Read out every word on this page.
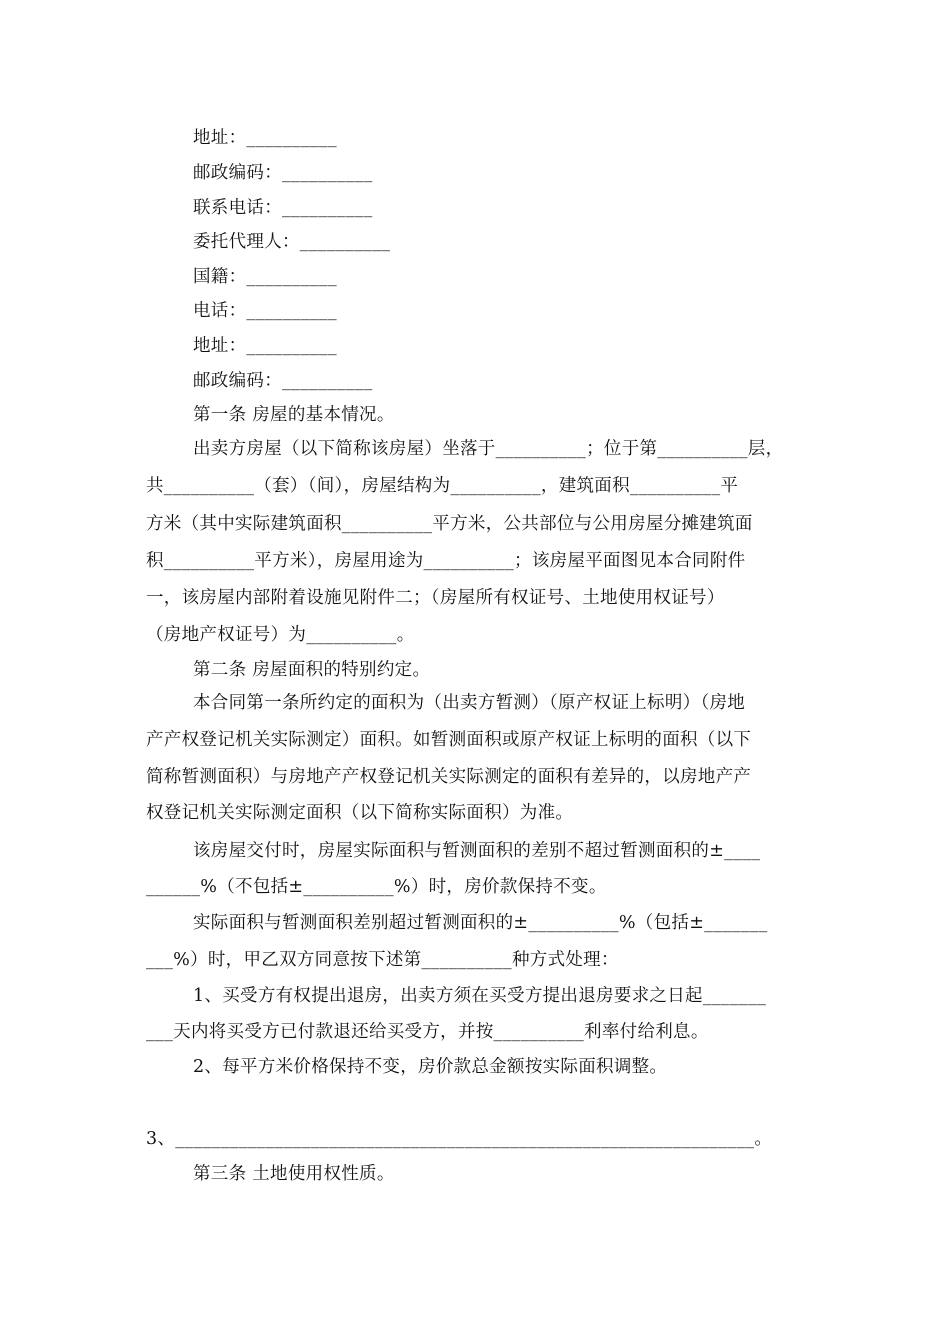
地址：__________
邮政编码：__________
联系电话：__________
委托代理人：__________
国籍：__________
电话：__________
地址：__________
邮政编码：__________
第一条 房屋的基本情况。
出卖方房屋（以下简称该房屋）坐落于__________；位于第__________层，
共__________（套）（间），房屋结构为__________，建筑面积__________平
方米（其中实际建筑面积__________平方米，公共部位与公用房屋分摊建筑面
积__________平方米），房屋用途为__________；该房屋平面图见本合同附件
一，该房屋内部附着设施见附件二；（房屋所有权证号、土地使用权证号）
（房地产权证号）为__________。
第二条 房屋面积的特别约定。
本合同第一条所约定的面积为（出卖方暂测）（原产权证上标明）（房地
产产权登记机关实际测定）面积。如暂测面积或原产权证上标明的面积（以下
简称暂测面积）与房地产产权登记机关实际测定的面积有差异的，以房地产产
权登记机关实际测定面积（以下简称实际面积）为准。
该房屋交付时，房屋实际面积与暂测面积的差别不超过暂测面积的±____
______%（不包括±__________%）时，房价款保持不变。
实际面积与暂测面积差别超过暂测面积的±__________%（包括±_______
___%）时，甲乙双方同意按下述第__________种方式处理：
1、买受方有权提出退房，出卖方须在买受方提出退房要求之日起_______
___天内将买受方已付款退还给买受方，并按__________利率付给利息。
2、每平方米价格保持不变，房价款总金额按实际面积调整。
3、________________________________________________________________。
第三条 土地使用权性质。
